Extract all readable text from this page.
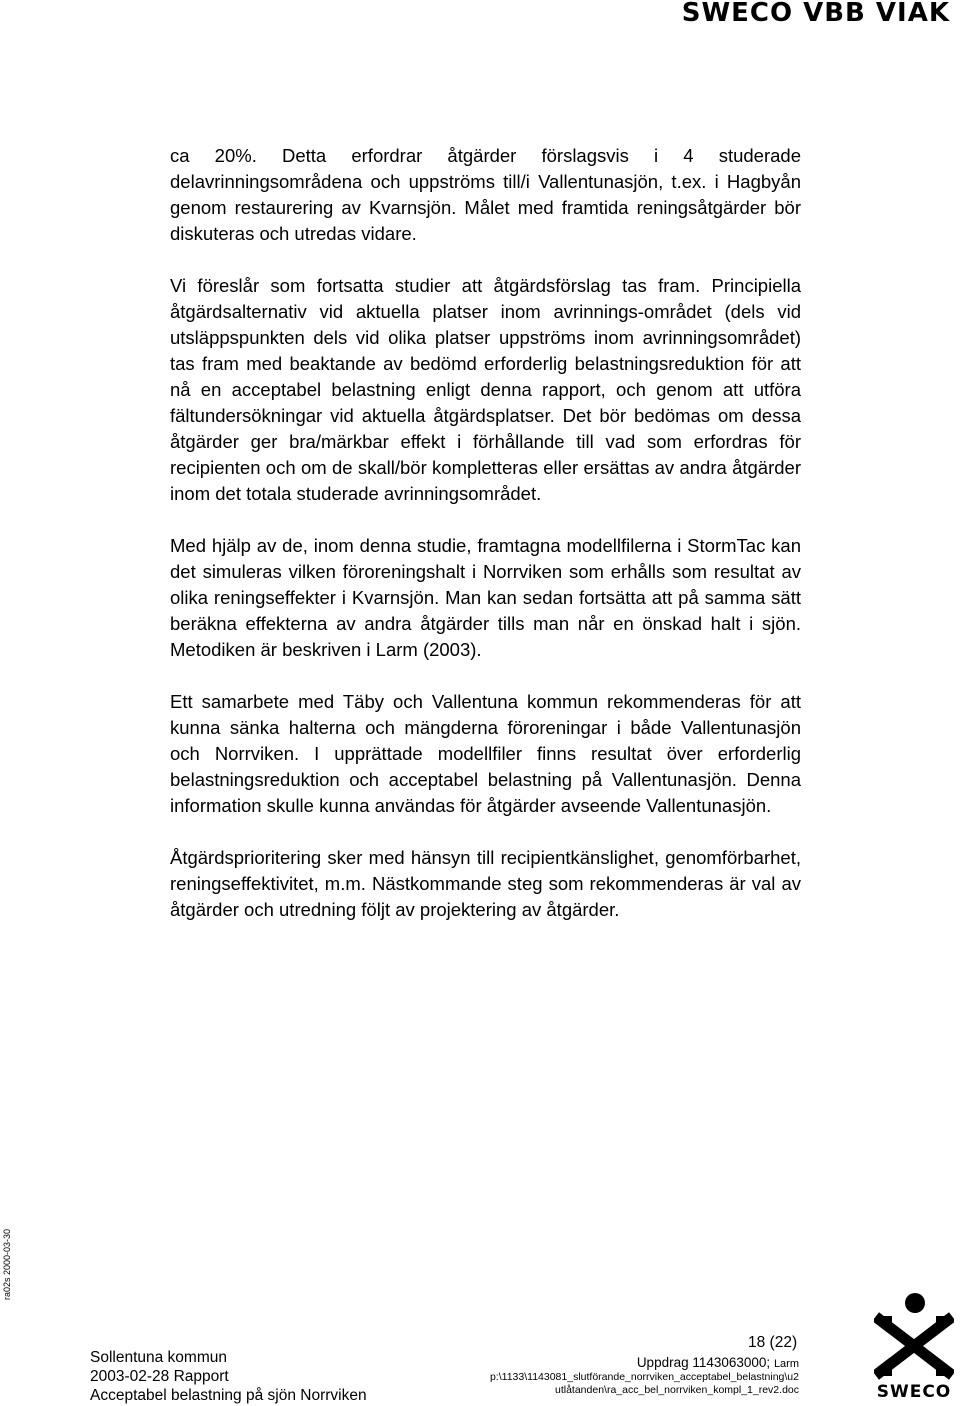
SWECO VBB VIAK

ca 20%. Detta erfordrar åtgärder förslagsvis i 4 studerade delavrinningsområdena och uppströms till/i Vallentunasjön, t.ex. i Hagbyån genom restaurering av Kvarnsjön. Målet med framtida reningsåtgärder bör diskuteras och utredas vidare.

Vi föreslår som fortsatta studier att åtgärdsförslag tas fram. Principiella åtgärdsalternativ vid aktuella platser inom avrinnings-området (dels vid utsläppspunkten dels vid olika platser uppströms inom avrinningsområdet) tas fram med beaktande av bedömd erforderlig belastningsreduktion för att nå en acceptabel belastning enligt denna rapport, och genom att utföra fältundersökningar vid aktuella åtgärdsplatser. Det bör bedömas om dessa åtgärder ger bra/märkbar effekt i förhållande till vad som erfordras för recipienten och om de skall/bör kompletteras eller ersättas av andra åtgärder inom det totala studerade avrinningsområdet.

Med hjälp av de, inom denna studie, framtagna modellfilerna i StormTac kan det simuleras vilken föroreningshalt i Norrviken som erhålls som resultat av olika reningseffekter i Kvarnsjön. Man kan sedan fortsätta att på samma sätt beräkna effekterna av andra åtgärder tills man når en önskad halt i sjön. Metodiken är beskriven i Larm (2003).

Ett samarbete med Täby och Vallentuna kommun rekommenderas för att kunna sänka halterna och mängderna föroreningar i både Vallentunasjön och Norrviken. I upprättade modellfiler finns resultat över erforderlig belastningsreduktion och acceptabel belastning på Vallentunasjön. Denna information skulle kunna användas för åtgärder avseende Vallentunasjön.

Åtgärdsprioritering sker med hänsyn till recipientkänslighet, genomförbarhet, reningseffektivitet, m.m. Nästkommande steg som rekommenderas är val av åtgärder och utredning följt av projektering av åtgärder.

ra02s 2000-03-30
Sollentuna kommun
2003-02-28 Rapport
Acceptabel belastning på sjön Norrviken
18 (22)
Uppdrag 1143063000; Larm
p:\1133\1143081_slutförande_norrviken_acceptabel_belastning\u2
utlåtanden\ra_acc_bel_norrviken_kompl_1_rev2.doc	SWECO
